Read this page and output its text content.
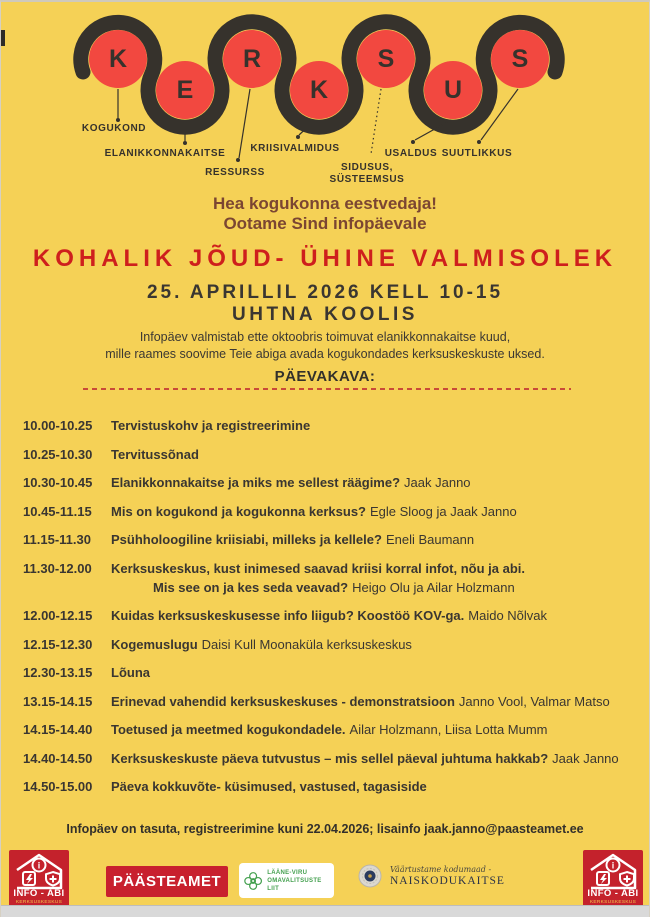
K
E
R
K
S
U
S
KOGUKOND
ELANIKKONNAKAITSE
RESSURSS
KRIISIVALMIDUS
SIDUSUS,
SÜSTEEMSUS
USALDUS SUUTLIKKUS
Hea kogukonna eestvedaja!
Ootame Sind infopäevale
KOHALIK JÕUD- ÜHINE VALMISOLEK
25. APRILLIL 2026 KELL 10-15
UHTNA KOOLIS
Infopäev valmistab ette oktoobris toimuvat elanikkonnakaitse kuud,
mille raames soovime Teie abiga avada kogukondades kerksuskeskuste uksed.
PÄEVAKAVA:
10.00-10.25	Tervistuskohv ja registreerimine
10.25-10.30	Tervitussõnad
10.30-10.45	Elanikkonnakaitse ja miks me sellest räägime? Jaak Janno
10.45-11.15	Mis on kogukond ja kogukonna kerksus? Egle Sloog ja Jaak Janno
11.15-11.30	Psühholoogiline kriisiabi, milleks ja kellele? Eneli Baumann
11.30-12.00	Kerksuskeskus, kust inimesed saavad kriisi korral infot, nõu ja abi.
Mis see on ja kes seda veavad? Heigo Olu ja Ailar Holzmann
12.00-12.15	Kuidas kerksuskeskusesse info liigub? Koostöö KOV-ga. Maido Nõlvak
12.15-12.30	Kogemuslugu Daisi Kull Moonaküla kerksuskeskus
12.30-13.15	Lõuna
13.15-14.15	Erinevad vahendid kerksuskeskuses - demonstratsioon Janno Vool, Valmar Matso
14.15-14.40	Toetused ja meetmed kogukondadele. Ailar Holzmann, Liisa Lotta Mumm
14.40-14.50	Kerksuskeskuste päeva tutvustus – mis sellel päeval juhtuma hakkab? Jaak Janno
14.50-15.00	Päeva kokkuvõte- küsimused, vastused, tagasiside
Infopäev on tasuta, registreerimine kuni 22.04.2026; lisainfo jaak.janno@paasteamet.ee
i
INFO - ABI
KERKSUSKESKUS
PÄÄSTEAMET
LÄÄNE-VIRU
OMAVALITSUSTE LIIT
Väärtustame kodumaad -
NAISKODUKAITSE
i
INFO - ABI
KERKSUSKESKUS
